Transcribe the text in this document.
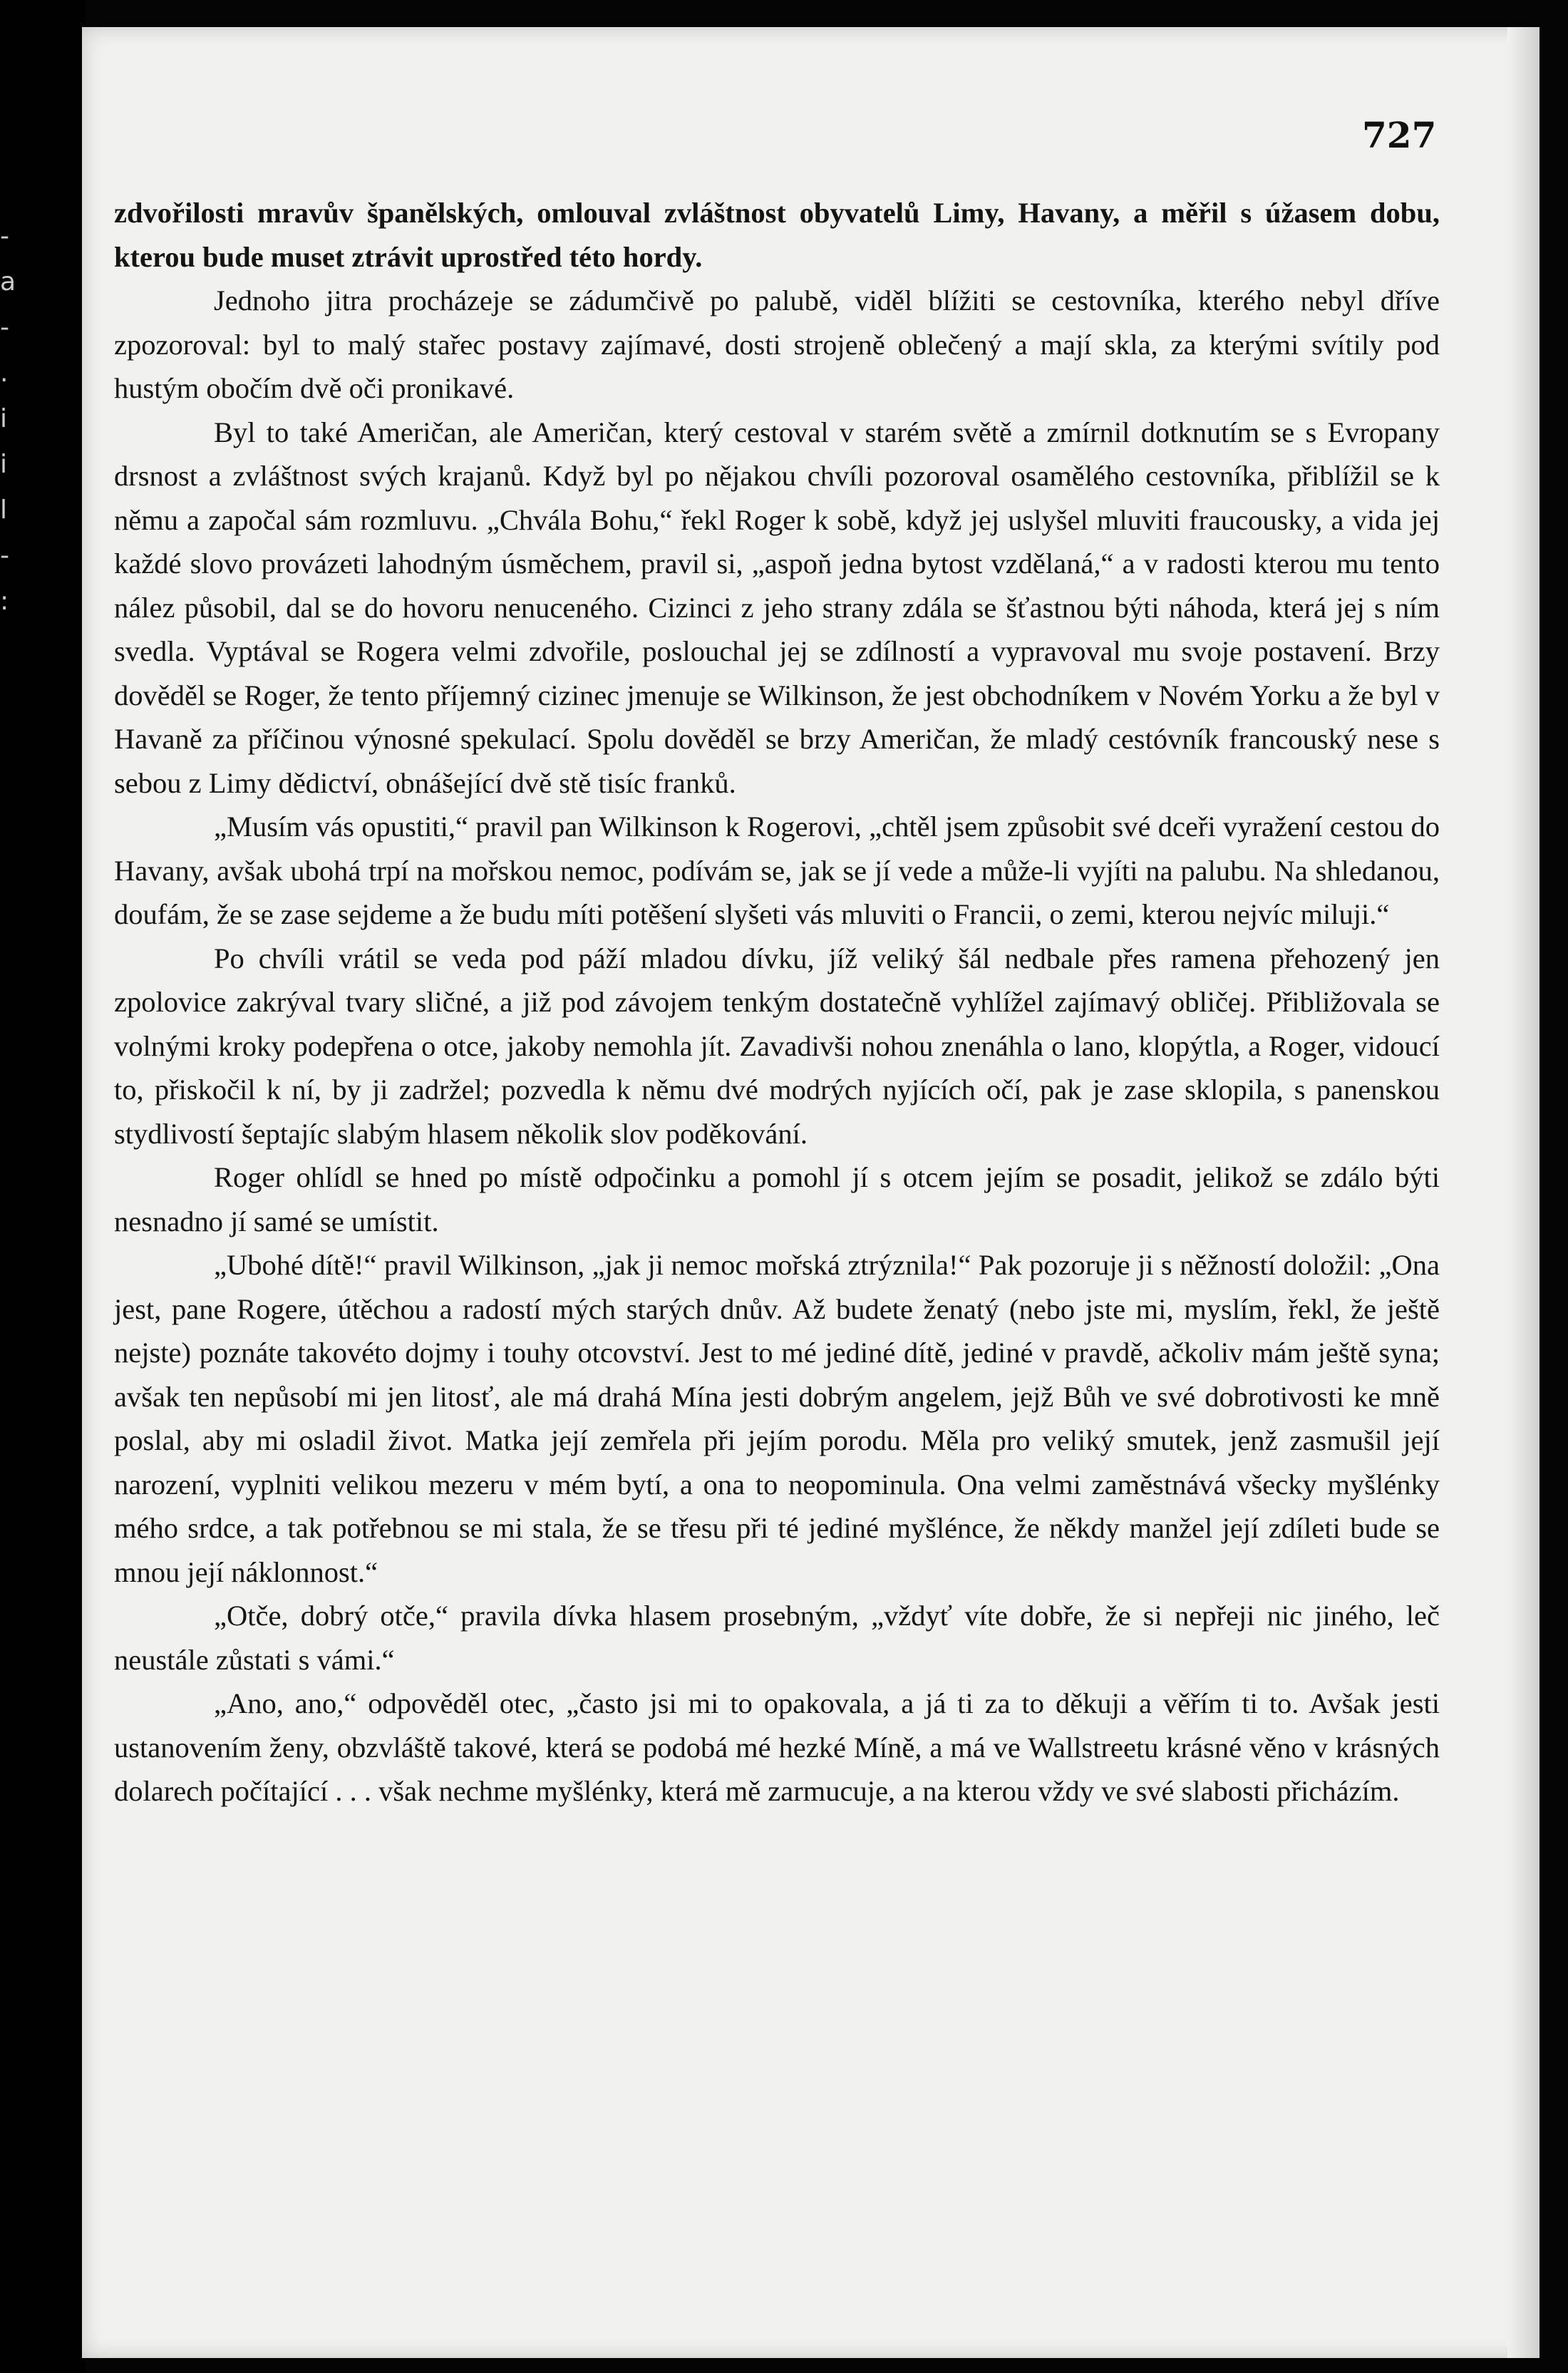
-
a
-
.
i
i
l
-
:
727

zdvořilosti mravův španělských, omlouval zvláštnost obyvatelů Limy, Havany, a měřil s úžasem dobu, kterou bude muset ztrávit uprostřed této hordy.

Jednoho jitra procházeje se zádumčivě po palubě, viděl blížiti se cestovníka, kterého nebyl dříve zpozoroval: byl to malý stařec postavy zajímavé, dosti strojeně oblečený a mají skla, za kterými svítily pod hustým obočím dvě oči pronikavé.

Byl to také Američan, ale Američan, který cestoval v starém světě a zmírnil dotknutím se s Evropany drsnost a zvláštnost svých krajanů. Když byl po nějakou chvíli pozoroval osamělého cestovníka, přiblížil se k němu a započal sám rozmluvu. „Chvála Bohu,“ řekl Roger k sobě, když jej uslyšel mluviti fraucousky, a vida jej každé slovo provázeti lahodným úsměchem, pravil si, „aspoň jedna bytost vzdělaná,“ a v radosti kterou mu tento nález působil, dal se do hovoru nenuceného. Cizinci z jeho strany zdála se šťastnou býti náhoda, která jej s ním svedla. Vyptával se Rogera velmi zdvořile, poslouchal jej se zdílností a vypravoval mu svoje postavení. Brzy dověděl se Roger, že tento příjemný cizinec jmenuje se Wilkinson, že jest obchodníkem v Novém Yorku a že byl v Havaně za příčinou výnosné spekulací. Spolu dověděl se brzy Američan, že mladý cestóvník francouský nese s sebou z Limy dědictví, obnášející dvě stě tisíc franků.

„Musím vás opustiti,“ pravil pan Wilkinson k Rogerovi, „chtěl jsem způsobit své dceři vyražení cestou do Havany, avšak ubohá trpí na mořskou nemoc, podívám se, jak se jí vede a může-li vyjíti na palubu. Na shledanou, doufám, že se zase sejdeme a že budu míti potěšení slyšeti vás mluviti o Francii, o zemi, kterou nejvíc miluji.“

Po chvíli vrátil se veda pod páží mladou dívku, jíž veliký šál nedbale přes ramena přehozený jen zpolovice zakrýval tvary sličné, a již pod závojem tenkým dostatečně vyhlížel zajímavý obličej. Přibližovala se volnými kroky podepřena o otce, jakoby nemohla jít. Zavadivši nohou znenáhla o lano, klopýtla, a Roger, vidoucí to, přiskočil k ní, by ji zadržel; pozvedla k němu dvé modrých nyjících očí, pak je zase sklopila, s panenskou stydlivostí šeptajíc slabým hlasem několik slov poděkování.

Roger ohlídl se hned po místě odpočinku a pomohl jí s otcem jejím se posadit, jelikož se zdálo býti nesnadno jí samé se umístit.

„Ubohé dítě!“ pravil Wilkinson, „jak ji nemoc mořská ztrýznila!“ Pak pozoruje ji s něžností doložil: „Ona jest, pane Rogere, útěchou a radostí mých starých dnův. Až budete ženatý (nebo jste mi, myslím, řekl, že ještě nejste) poznáte takovéto dojmy i touhy otcovství. Jest to mé jediné dítě, jediné v pravdě, ačkoliv mám ještě syna; avšak ten nepůsobí mi jen litosť, ale má drahá Mína jesti dobrým angelem, jejž Bůh ve své dobrotivosti ke mně poslal, aby mi osladil život. Matka její zemřela při jejím porodu. Měla pro veliký smutek, jenž zasmušil její narození, vyplniti velikou mezeru v mém bytí, a ona to neopominula. Ona velmi zaměstnává všecky myšlénky mého srdce, a tak potřebnou se mi stala, že se třesu při té jediné myšlénce, že někdy manžel její zdíleti bude se mnou její náklonnost.“

„Otče, dobrý otče,“ pravila dívka hlasem prosebným, „vždyť víte dobře, že si nepřeji nic jiného, leč neustále zůstati s vámi.“

„Ano, ano,“ odpověděl otec, „často jsi mi to opakovala, a já ti za to děkuji a věřím ti to. Avšak jesti ustanovením ženy, obzvláště takové, která se podobá mé hezké Míně, a má ve Wallstreetu krásné věno v krásných dolarech počítající . . . však nechme myšlénky, která mě zarmucuje, a na kterou vždy ve své slabosti přicházím.
